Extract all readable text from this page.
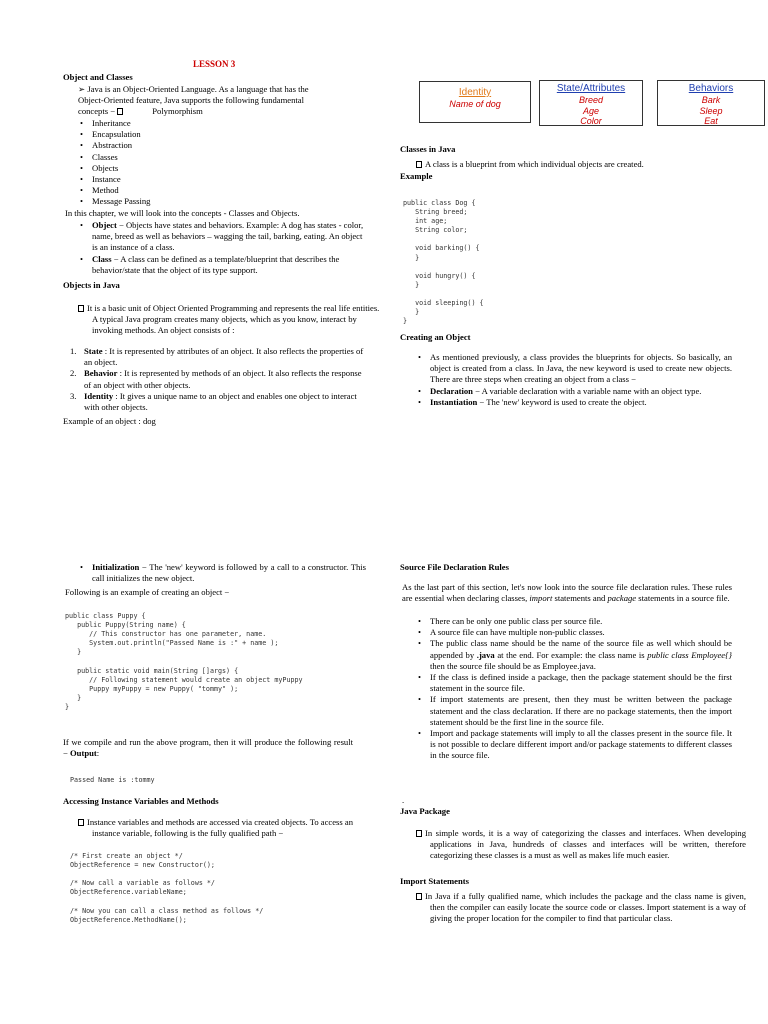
LESSON 3
Object and Classes
➢ Java is an Object-Oriented Language. As a language that has the
Object-Oriented feature, Java supports the following fundamental
concepts −	Polymorphism
• Inheritance
• Encapsulation
• Abstraction
• Classes
• Objects
• Instance
• Method
• Message Passing
In this chapter, we will look into the concepts - Classes and Objects.
• Object − Objects have states and behaviors. Example: A dog has states - color, name, breed as well as behaviors – wagging the tail, barking, eating. An object is an instance of a class.
• Class − A class can be defined as a template/blueprint that describes the behavior/state that the object of its type support.
Objects in Java
It is a basic unit of Object Oriented Programming and represents the real life entities. A typical Java program creates many objects, which as you know, interact by invoking methods. An object consists of :
1. State : It is represented by attributes of an object. It also reflects the properties of an object.
2. Behavior : It is represented by methods of an object. It also reflects the response of an object with other objects.
3. Identity : It gives a unique name to an object and enables one object to interact with other objects.
Example of an object : dog
Identity
Name of dog
State/Attributes
Breed
Age
Color
Behaviors
Bark
Sleep
Eat
Classes in Java
A class is a blueprint from which individual objects are created.
Example
public class Dog {
String breed;
int age;
String color;

void barking() {
}

void hungry() {
}

void sleeping() {
}
}
Creating an Object
• As mentioned previously, a class provides the blueprints for objects. So basically, an object is created from a class. In Java, the new keyword is used to create new objects. There are three steps when creating an object from a class −
• Declaration − A variable declaration with a variable name with an object type.
• Instantiation − The 'new' keyword is used to create the object.
• Initialization − The 'new' keyword is followed by a call to a constructor. This call initializes the new object.
Following is an example of creating an object −
public class Puppy {
public Puppy(String name) {
// This constructor has one parameter, name.
System.out.println("Passed Name is :" + name );
}

public static void main(String []args) {
// Following statement would create an object myPuppy
Puppy myPuppy = new Puppy( "tommy" );
}
}
If we compile and run the above program, then it will produce the following result − Output:
Passed Name is :tommy
Accessing Instance Variables and Methods
Instance variables and methods are accessed via created objects. To access an instance variable, following is the fully qualified path −
/* First create an object */
ObjectReference = new Constructor();

/* Now call a variable as follows */
ObjectReference.variableName;

/* Now you can call a class method as follows */
ObjectReference.MethodName();
Source File Declaration Rules
As the last part of this section, let's now look into the source file declaration rules. These rules are essential when declaring classes, import statements and package statements in a source file.
• There can be only one public class per source file.
• A source file can have multiple non-public classes.
• The public class name should be the name of the source file as well which should be appended by .java at the end. For example: the class name is public class Employee{} then the source file should be as Employee.java.
• If the class is defined inside a package, then the package statement should be the first statement in the source file.
• If import statements are present, then they must be written between the package statement and the class declaration. If there are no package statements, then the import statement should be the first line in the source file.
• Import and package statements will imply to all the classes present in the source file. It is not possible to declare different import and/or package statements to different classes in the source file.
.
Java Package
In simple words, it is a way of categorizing the classes and interfaces. When developing applications in Java, hundreds of classes and interfaces will be written, therefore categorizing these classes is a must as well as makes life much easier.
Import Statements
In Java if a fully qualified name, which includes the package and the class name is given, then the compiler can easily locate the source code or classes. Import statement is a way of giving the proper location for the compiler to find that particular class.
